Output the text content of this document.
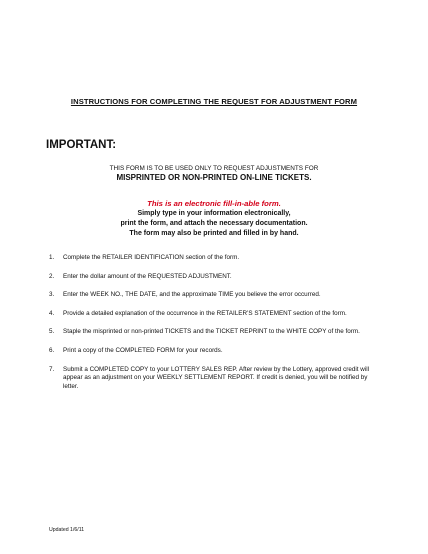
INSTRUCTIONS FOR COMPLETING THE REQUEST FOR ADJUSTMENT FORM
IMPORTANT:
THIS FORM IS TO BE USED ONLY TO REQUEST ADJUSTMENTS FOR
MISPRINTED OR NON-PRINTED ON-LINE TICKETS.
This is an electronic fill-in-able form.
Simply type in your information electronically,
print the form, and attach the necessary documentation.
The form may also be printed and filled in by hand.
1.	Complete the RETAILER IDENTIFICATION section of the form.
2.	Enter the dollar amount of the REQUESTED ADJUSTMENT.
3.	Enter the WEEK NO., THE DATE, and the approximate TIME you believe the error occurred.
4.	Provide a detailed explanation of the occurrence in the RETAILER’S STATEMENT section of the form.
5.	Staple the misprinted or non-printed TICKETS and the TICKET REPRINT to the WHITE COPY of the form.
6.	Print a copy of the COMPLETED FORM for your records.
7.	Submit a COMPLETED COPY to your LOTTERY SALES REP. After review by the Lottery, approved credit will appear as an adjustment on your WEEKLY SETTLEMENT REPORT. If credit is denied, you will be notified by letter.
Updated 1/6/11
